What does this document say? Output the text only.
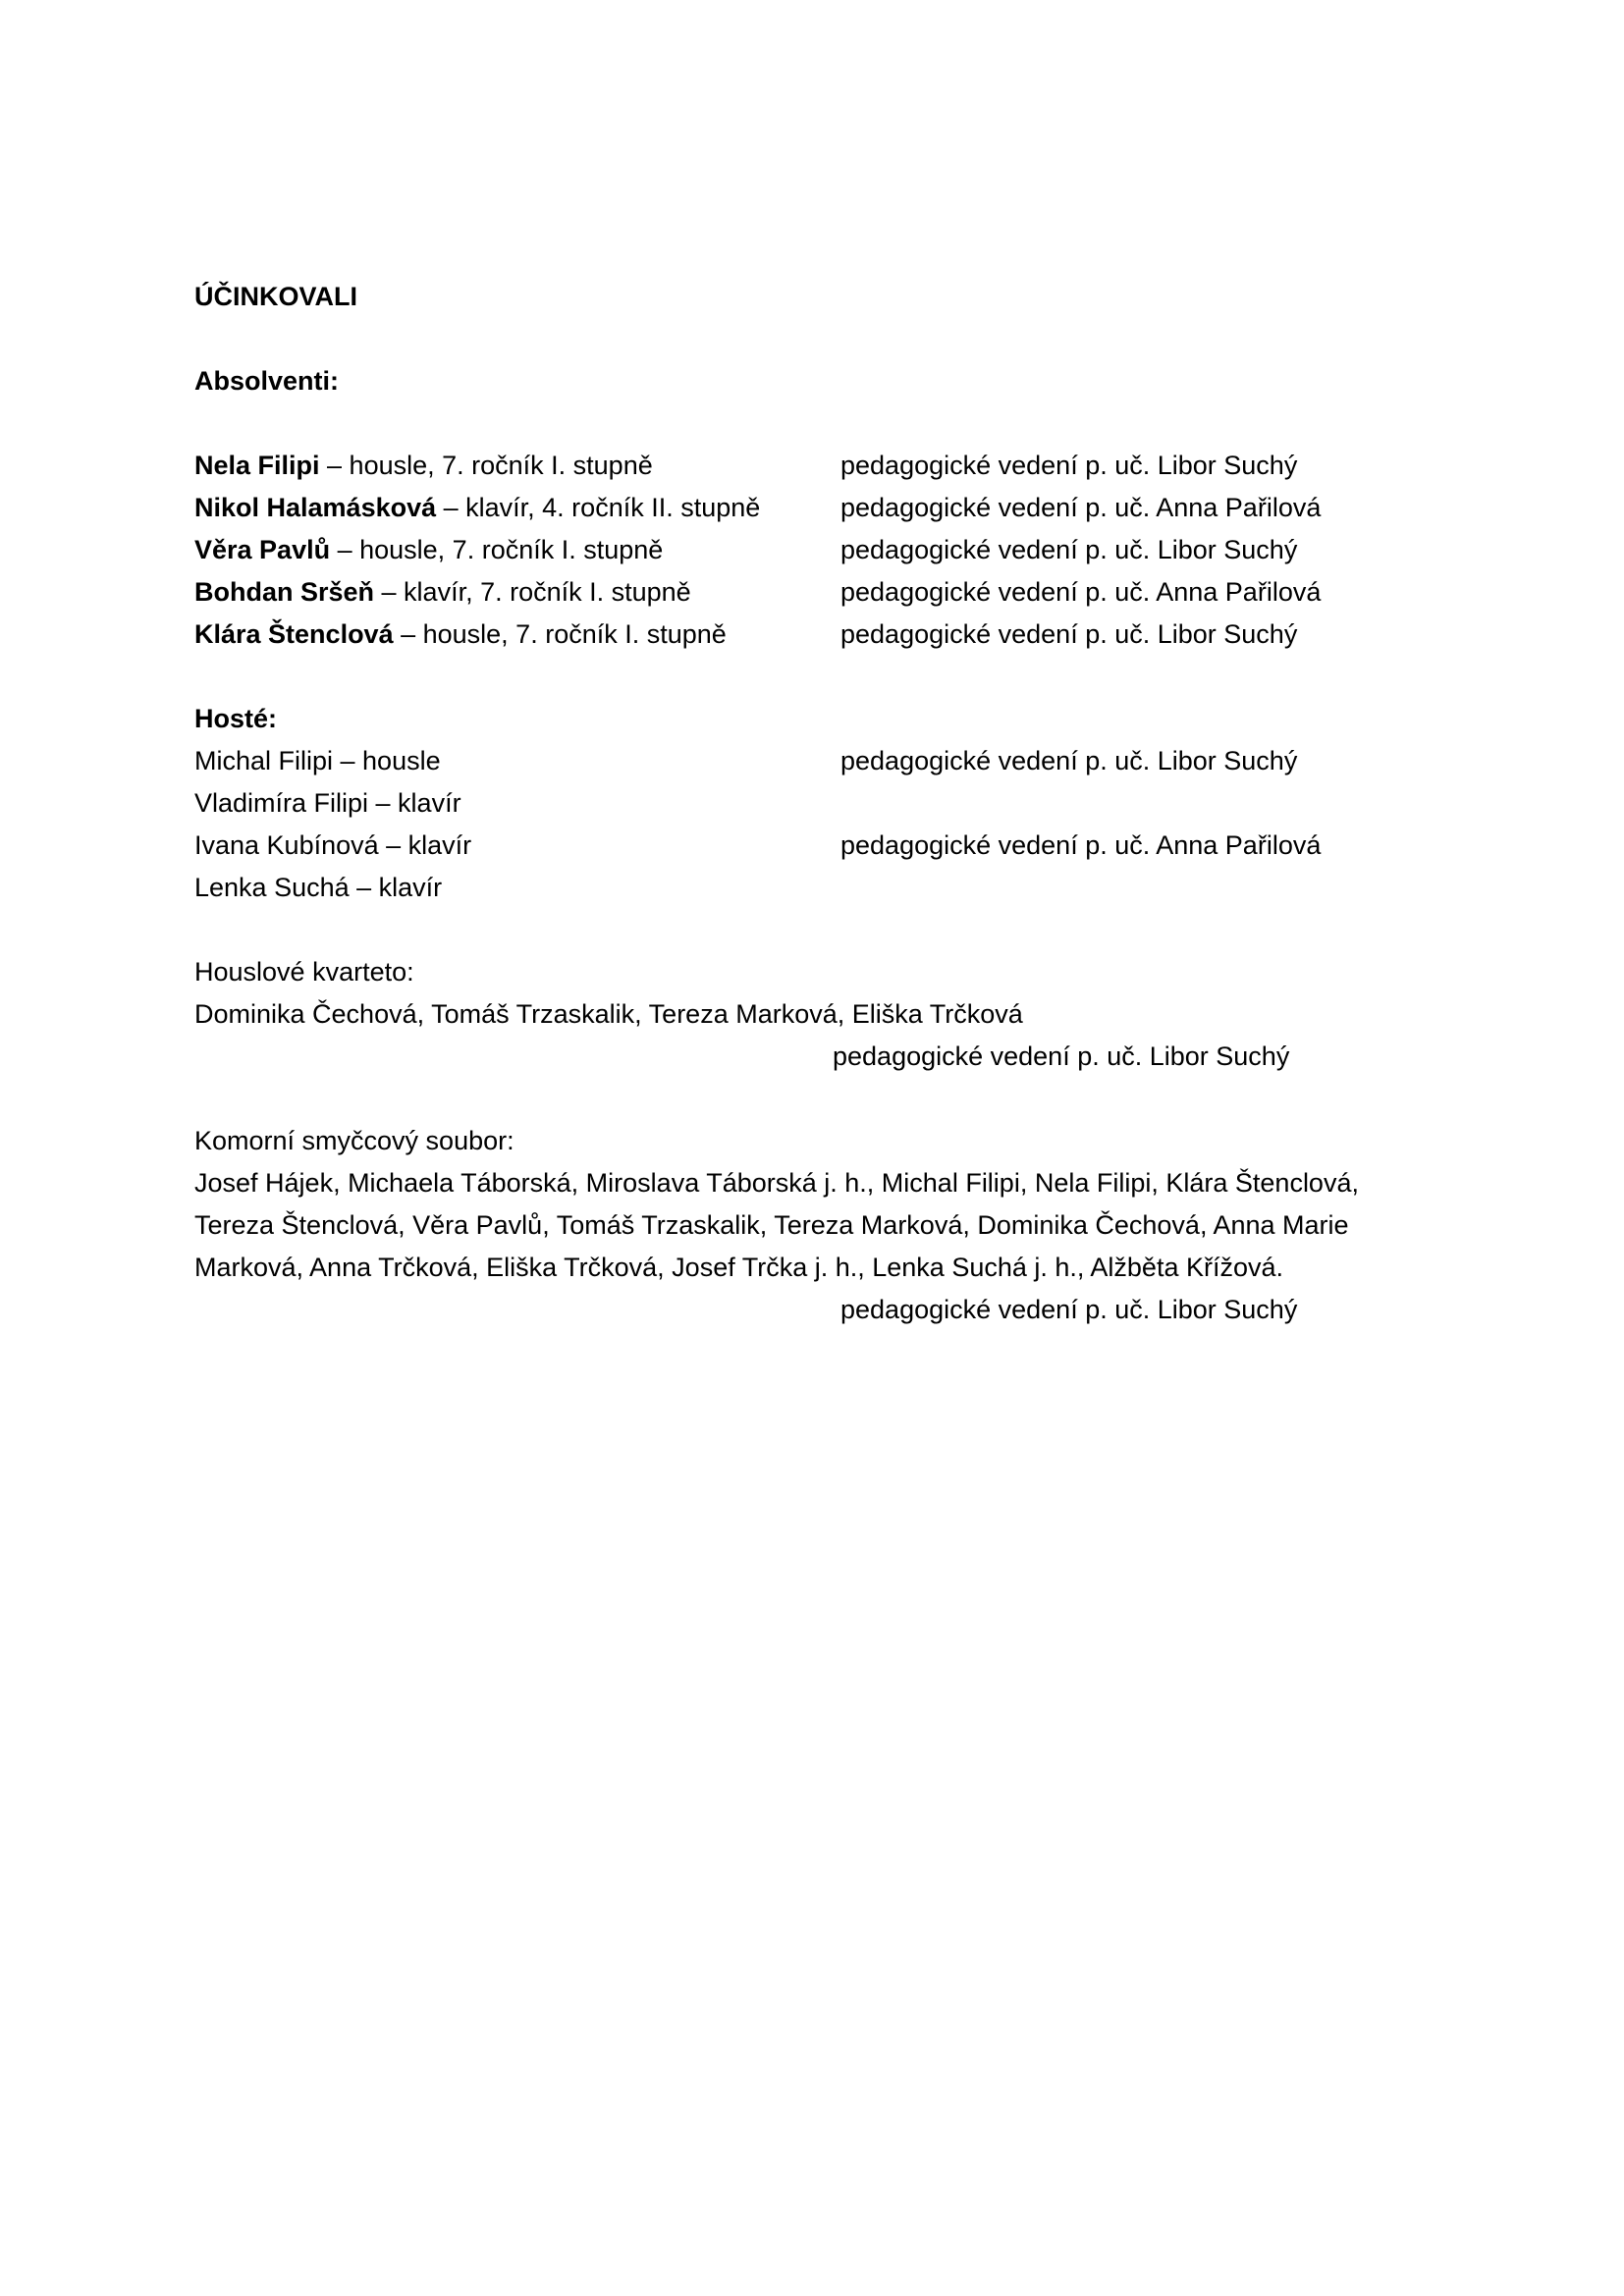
ÚČINKOVALI
Absolventi:
Nela Filipi – housle, 7. ročník I. stupně	pedagogické vedení p. uč. Libor Suchý
Nikol Halamásková – klavír, 4. ročník II. stupně	pedagogické vedení p. uč. Anna Pařilová
Věra Pavlů – housle, 7. ročník I. stupně	pedagogické vedení p. uč. Libor Suchý
Bohdan Sršeň – klavír, 7. ročník I. stupně	pedagogické vedení p. uč. Anna Pařilová
Klára Štenclová – housle, 7. ročník I. stupně	pedagogické vedení p. uč. Libor Suchý
Hosté:
Michal Filipi – housle	pedagogické vedení p. uč. Libor Suchý
Vladimíra Filipi – klavír
Ivana Kubínová – klavír	pedagogické vedení p. uč. Anna Pařilová
Lenka Suchá – klavír
Houslové kvarteto:
Dominika Čechová, Tomáš Trzaskalik, Tereza Marková, Eliška Trčková
pedagogické vedení p. uč. Libor Suchý
Komorní smyčcový soubor:
Josef Hájek, Michaela Táborská, Miroslava Táborská j. h., Michal Filipi, Nela Filipi, Klára Štenclová,
Tereza Štenclová, Věra Pavlů, Tomáš Trzaskalik, Tereza Marková, Dominika Čechová, Anna Marie
Marková, Anna Trčková, Eliška Trčková, Josef Trčka j. h., Lenka Suchá j. h., Alžběta Křížová.
pedagogické vedení p. uč. Libor Suchý
